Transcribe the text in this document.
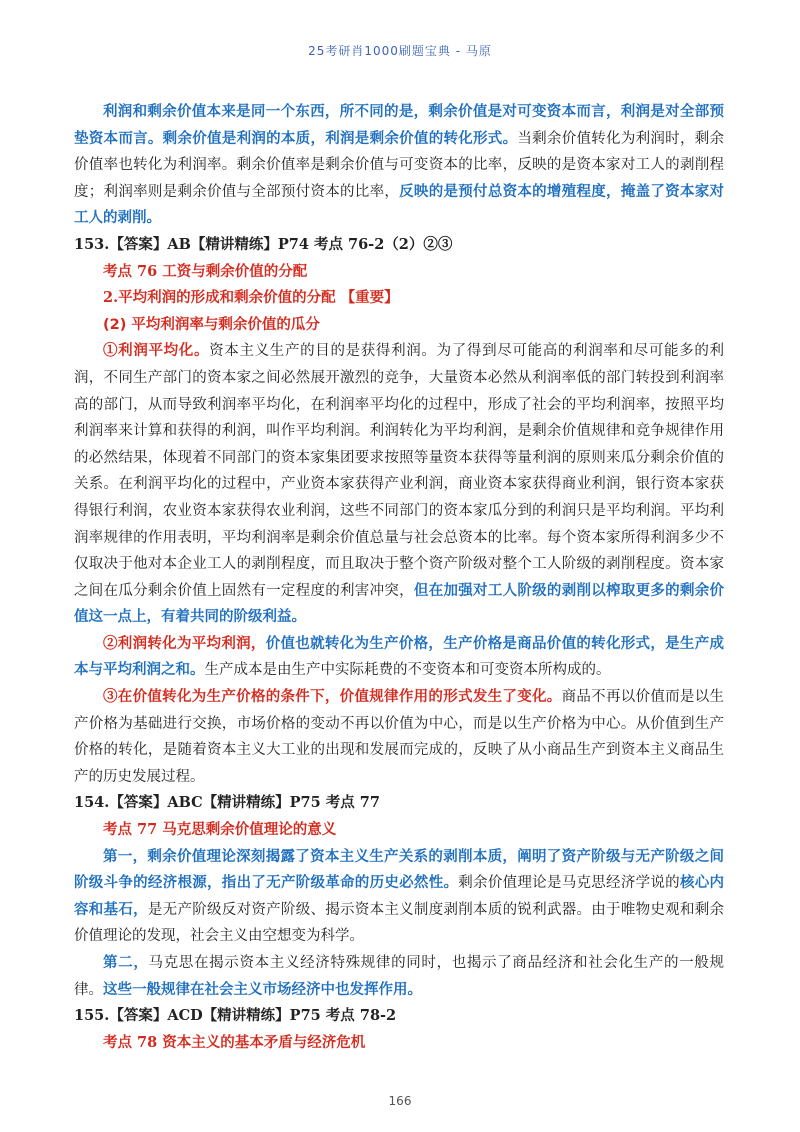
25考研肖1000刷题宝典 - 马原

利润和剩余价值本来是同一个东西，所不同的是，剩余价值是对可变资本而言，利润是对全部预垫资本而言。剩余价值是利润的本质，利润是剩余价值的转化形式。当剩余价值转化为利润时，剩余价值率也转化为利润率。剩余价值率是剩余价值与可变资本的比率，反映的是资本家对工人的剥削程度；利润率则是剩余价值与全部预付资本的比率，反映的是预付总资本的增殖程度，掩盖了资本家对工人的剥削。

153.【答案】AB【精讲精练】P74 考点 76-2（2）②③

考点 76 工资与剩余价值的分配

2.平均利润的形成和剩余价值的分配 【重要】

(2) 平均利润率与剩余价值的瓜分

①利润平均化。资本主义生产的目的是获得利润。为了得到尽可能高的利润率和尽可能多的利润，不同生产部门的资本家之间必然展开激烈的竞争，大量资本必然从利润率低的部门转投到利润率高的部门，从而导致利润率平均化，在利润率平均化的过程中，形成了社会的平均利润率，按照平均利润率来计算和获得的利润，叫作平均利润。利润转化为平均利润，是剩余价值规律和竞争规律作用的必然结果，体现着不同部门的资本家集团要求按照等量资本获得等量利润的原则来瓜分剩余价值的关系。在利润平均化的过程中，产业资本家获得产业利润，商业资本家获得商业利润，银行资本家获得银行利润，农业资本家获得农业利润，这些不同部门的资本家瓜分到的利润只是平均利润。平均利润率规律的作用表明，平均利润率是剩余价值总量与社会总资本的比率。每个资本家所得利润多少不仅取决于他对本企业工人的剥削程度，而且取决于整个资产阶级对整个工人阶级的剥削程度。资本家之间在瓜分剩余价值上固然有一定程度的利害冲突，但在加强对工人阶级的剥削以榨取更多的剩余价值这一点上，有着共同的阶级利益。

②利润转化为平均利润，价值也就转化为生产价格，生产价格是商品价值的转化形式，是生产成本与平均利润之和。生产成本是由生产中实际耗费的不变资本和可变资本所构成的。

③在价值转化为生产价格的条件下，价值规律作用的形式发生了变化。商品不再以价值而是以生产价格为基础进行交换，市场价格的变动不再以价值为中心，而是以生产价格为中心。从价值到生产价格的转化，是随着资本主义大工业的出现和发展而完成的，反映了从小商品生产到资本主义商品生产的历史发展过程。

154.【答案】ABC【精讲精练】P75 考点 77

考点 77 马克思剩余价值理论的意义

第一，剩余价值理论深刻揭露了资本主义生产关系的剥削本质，阐明了资产阶级与无产阶级之间阶级斗争的经济根源，指出了无产阶级革命的历史必然性。剩余价值理论是马克思经济学说的核心内容和基石，是无产阶级反对资产阶级、揭示资本主义制度剥削本质的锐利武器。由于唯物史观和剩余价值理论的发现，社会主义由空想变为科学。

第二，马克思在揭示资本主义经济特殊规律的同时，也揭示了商品经济和社会化生产的一般规律。这些一般规律在社会主义市场经济中也发挥作用。

155.【答案】ACD【精讲精练】P75 考点 78-2

考点 78 资本主义的基本矛盾与经济危机

166
